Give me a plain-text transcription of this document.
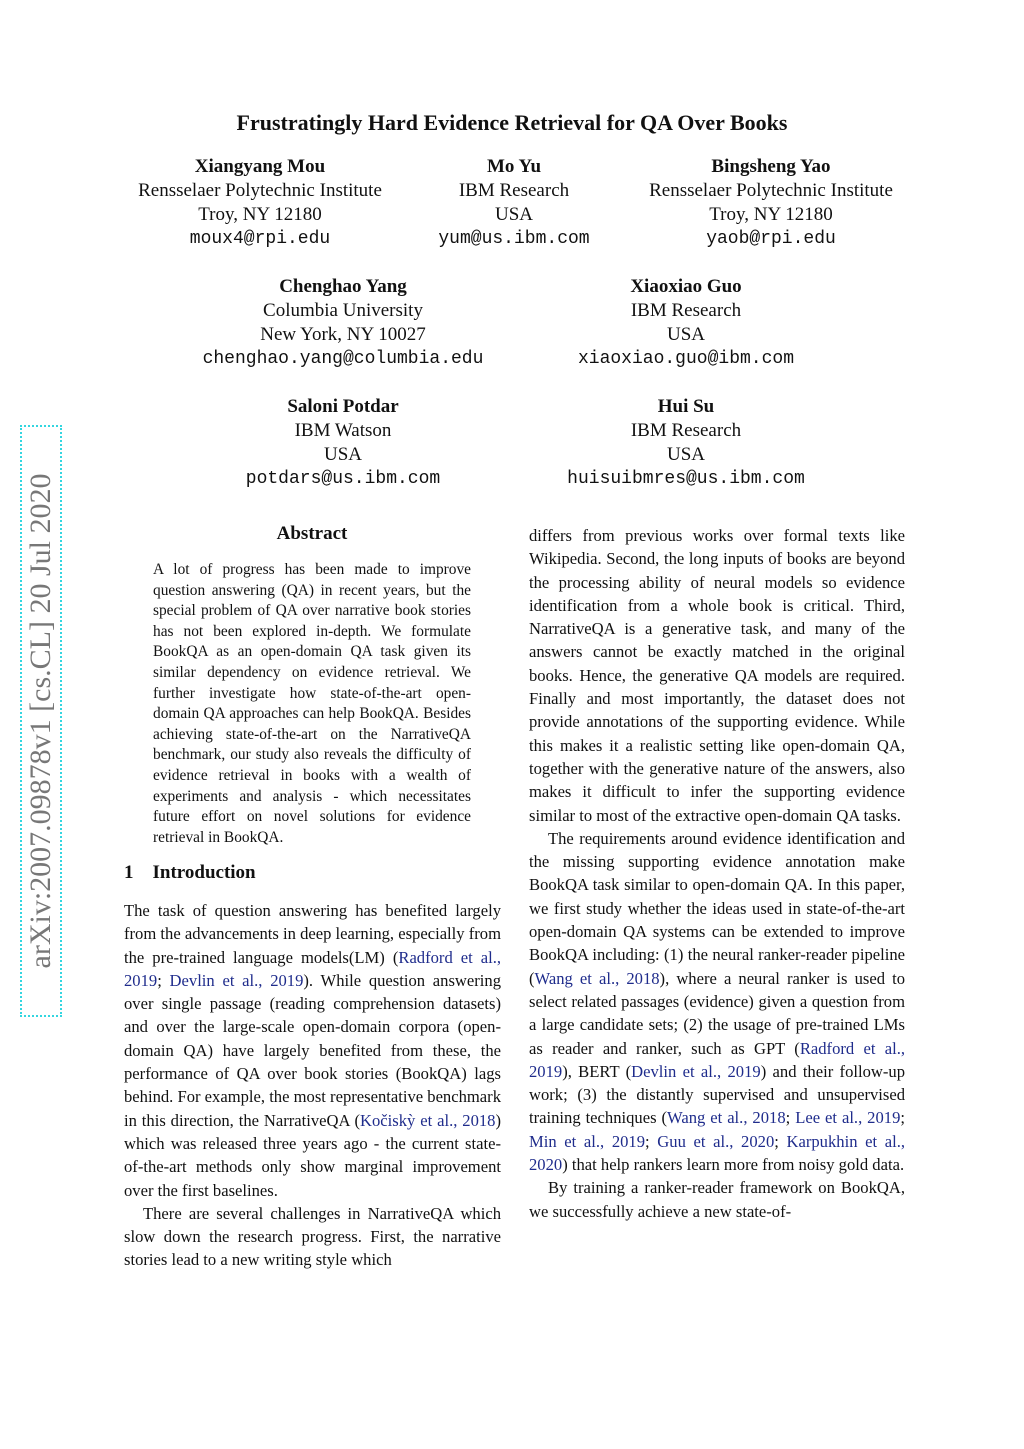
Frustratingly Hard Evidence Retrieval for QA Over Books
Xiangyang Mou
Rensselaer Polytechnic Institute
Troy, NY 12180
moux4@rpi.edu
Mo Yu
IBM Research
USA
yum@us.ibm.com
Bingsheng Yao
Rensselaer Polytechnic Institute
Troy, NY 12180
yaob@rpi.edu
Chenghao Yang
Columbia University
New York, NY 10027
chenghao.yang@columbia.edu
Xiaoxiao Guo
IBM Research
USA
xiaoxiao.guo@ibm.com
Saloni Potdar
IBM Watson
USA
potdars@us.ibm.com
Hui Su
IBM Research
USA
huisuibmres@us.ibm.com
arXiv:2007.09878v1 [cs.CL] 20 Jul 2020	Abstract
A lot of progress has been made to improve question answering (QA) in recent years, but the special problem of QA over narrative book stories has not been explored in-depth. We formulate BookQA as an open-domain QA task given its similar dependency on evidence retrieval. We further investigate how state-of-the-art open-domain QA approaches can help BookQA. Besides achieving state-of-the-art on the NarrativeQA benchmark, our study also reveals the difficulty of evidence retrieval in books with a wealth of experiments and analysis - which necessitates future effort on novel solutions for evidence retrieval in BookQA.
1 Introduction

The task of question answering has benefited largely from the advancements in deep learning, especially from the pre-trained language models(LM) (Radford et al., 2019; Devlin et al., 2019). While question answering over single passage (reading comprehension datasets) and over the large-scale open-domain corpora (open-domain QA) have largely benefited from these, the performance of QA over book stories (BookQA) lags behind. For example, the most representative benchmark in this direction, the NarrativeQA (Kočiskỳ et al., 2018) which was released three years ago - the current state-of-the-art methods only show marginal improvement over the first baselines.

There are several challenges in NarrativeQA which slow down the research progress. First, the narrative stories lead to a new writing style which

differs from previous works over formal texts like Wikipedia. Second, the long inputs of books are beyond the processing ability of neural models so evidence identification from a whole book is critical. Third, NarrativeQA is a generative task, and many of the answers cannot be exactly matched in the original books. Hence, the generative QA models are required. Finally and most importantly, the dataset does not provide annotations of the supporting evidence. While this makes it a realistic setting like open-domain QA, together with the generative nature of the answers, also makes it difficult to infer the supporting evidence similar to most of the extractive open-domain QA tasks.

The requirements around evidence identification and the missing supporting evidence annotation make BookQA task similar to open-domain QA. In this paper, we first study whether the ideas used in state-of-the-art open-domain QA systems can be extended to improve BookQA including: (1) the neural ranker-reader pipeline (Wang et al., 2018), where a neural ranker is used to select related passages (evidence) given a question from a large candidate sets; (2) the usage of pre-trained LMs as reader and ranker, such as GPT (Radford et al., 2019), BERT (Devlin et al., 2019) and their follow-up work; (3) the distantly supervised and unsupervised training techniques (Wang et al., 2018; Lee et al., 2019; Min et al., 2019; Guu et al., 2020; Karpukhin et al., 2020) that help rankers learn more from noisy gold data.

By training a ranker-reader framework on BookQA, we successfully achieve a new state-of-
